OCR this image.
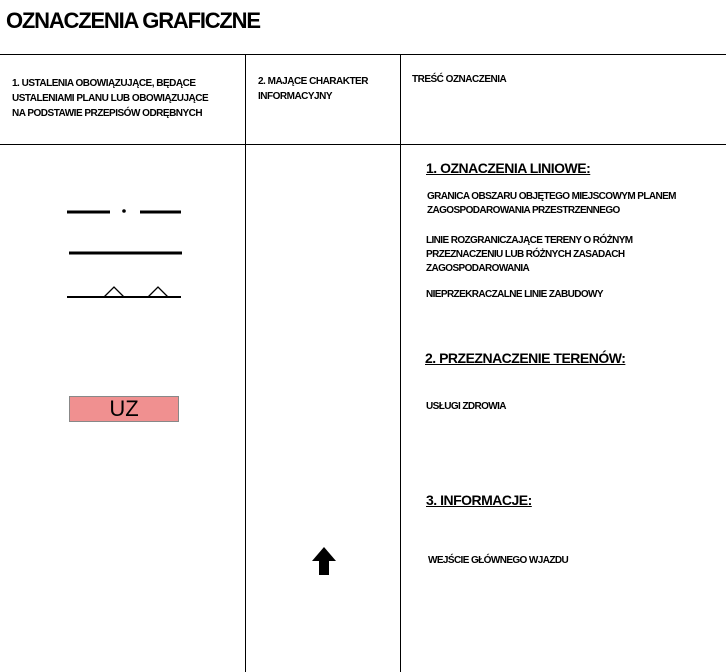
OZNACZENIA GRAFICZNE
1. USTALENIA OBOWIĄZUJĄCE, BĘDĄCE USTALENIAMI PLANU LUB OBOWIĄZUJĄCE NA PODSTAWIE PRZEPISÓW ODRĘBNYCH
2. MAJĄCE CHARAKTER INFORMACYJNY
TREŚĆ OZNACZENIA
1. OZNACZENIA LINIOWE:
GRANICA OBSZARU OBJĘTEGO MIEJSCOWYM PLANEM ZAGOSPODAROWANIA PRZESTRZENNEGO
LINIE ROZGRANICZAJĄCE TERENY O RÓŻNYM PRZEZNACZENIU LUB RÓŻNYCH ZASADACH ZAGOSPODAROWANIA
NIEPRZEKRACZALNE LINIE ZABUDOWY
2. PRZEZNACZENIE TERENÓW:
UZ	USŁUGI ZDROWIA
3. INFORMACJE:
WEJŚCIE GŁÓWNEGO WJAZDU
